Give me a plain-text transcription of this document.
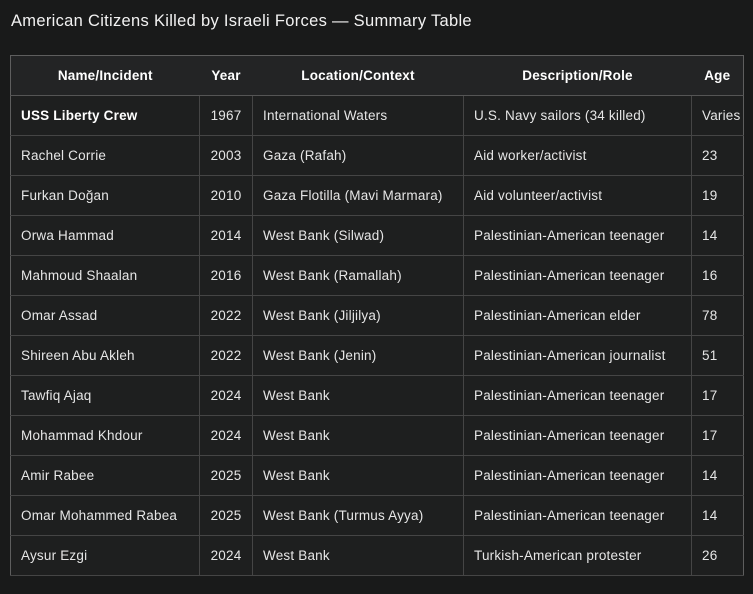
American Citizens Killed by Israeli Forces — Summary Table
Name/Incident	Year	Location/Context	Description/Role	Age
USS Liberty Crew	1967	International Waters	U.S. Navy sailors (34 killed)	Varies
Rachel Corrie	2003	Gaza (Rafah)	Aid worker/activist	23
Furkan Doğan	2010	Gaza Flotilla (Mavi Marmara)	Aid volunteer/activist	19
Orwa Hammad	2014	West Bank (Silwad)	Palestinian-American teenager	14
Mahmoud Shaalan	2016	West Bank (Ramallah)	Palestinian-American teenager	16
Omar Assad	2022	West Bank (Jiljilya)	Palestinian-American elder	78
Shireen Abu Akleh	2022	West Bank (Jenin)	Palestinian-American journalist	51
Tawfiq Ajaq	2024	West Bank	Palestinian-American teenager	17
Mohammad Khdour	2024	West Bank	Palestinian-American teenager	17
Amir Rabee	2025	West Bank	Palestinian-American teenager	14
Omar Mohammed Rabea	2025	West Bank (Turmus Ayya)	Palestinian-American teenager	14
Aysur Ezgi	2024	West Bank	Turkish-American protester	26
